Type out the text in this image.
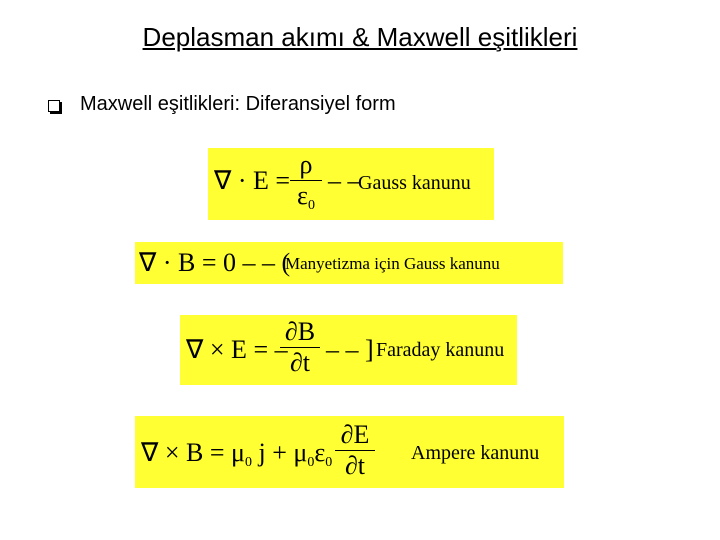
Deplasman akımı & Maxwell eşitlikleri
Maxwell eşitlikleri: Diferansiyel form
∇ · E =
ρ
$\varepsilon_0$
– –
Gauss kanunu
∇ · B = 0 – – (
Manyetizma için Gauss kanunu
∇ × E = –
∂B
∂t – – ] Faraday kanunu
∇ × $B = \mu_0$ $j + \mu_0\varepsilon_0$
∂E
∂t Ampere kanunu
